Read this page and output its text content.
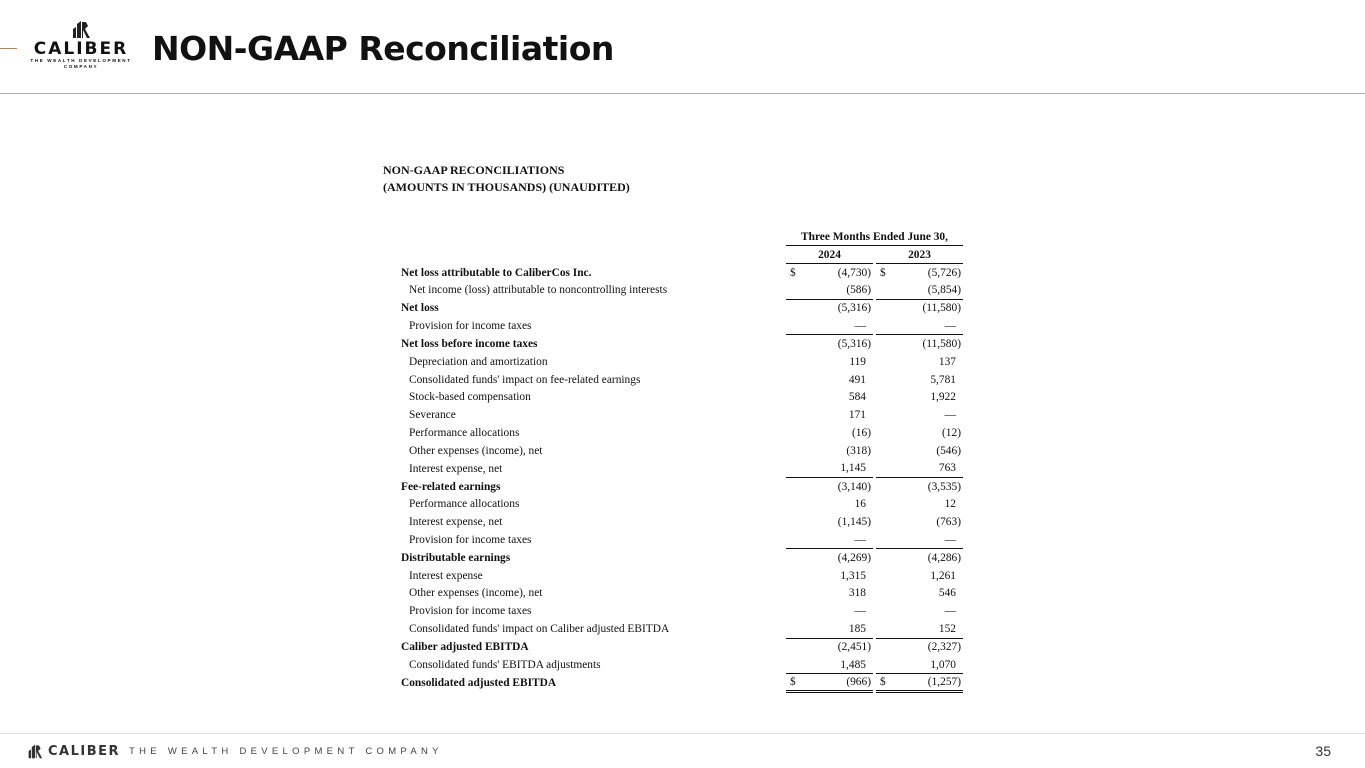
CALIBER
THE WEALTH DEVELOPMENT
COMPANY	NON-GAAP Reconciliation
NON-GAAP RECONCILIATIONS
(AMOUNTS IN THOUSANDS) (UNAUDITED)
	Three Months Ended June 30,				
	2024			2023	
Net loss attributable to CaliberCos Inc.	$	(4,730)		$	(5,726)
Net income (loss) attributable to noncontrolling interests		(586)			(5,854)
Net loss		(5,316)			(11,580)
Provision for income taxes		—			—
Net loss before income taxes		(5,316)			(11,580)
Depreciation and amortization		119			137
Consolidated funds' impact on fee-related earnings		491			5,781
Stock-based compensation		584			1,922
Severance		171			—
Performance allocations		(16)			(12)
Other expenses (income), net		(318)			(546)
Interest expense, net		1,145			763
Fee-related earnings		(3,140)			(3,535)
Performance allocations		16			12
Interest expense, net		(1,145)			(763)
Provision for income taxes		—			—
Distributable earnings		(4,269)			(4,286)
Interest expense		1,315			1,261
Other expenses (income), net		318			546
Provision for income taxes		—			—
Consolidated funds' impact on Caliber adjusted EBITDA		185			152
Caliber adjusted EBITDA		(2,451)			(2,327)
Consolidated funds' EBITDA adjustments		1,485			1,070
Consolidated adjusted EBITDA	$	(966)		$	(1,257)
CALIBER THE WEALTH DEVELOPMENT COMPANY	35
